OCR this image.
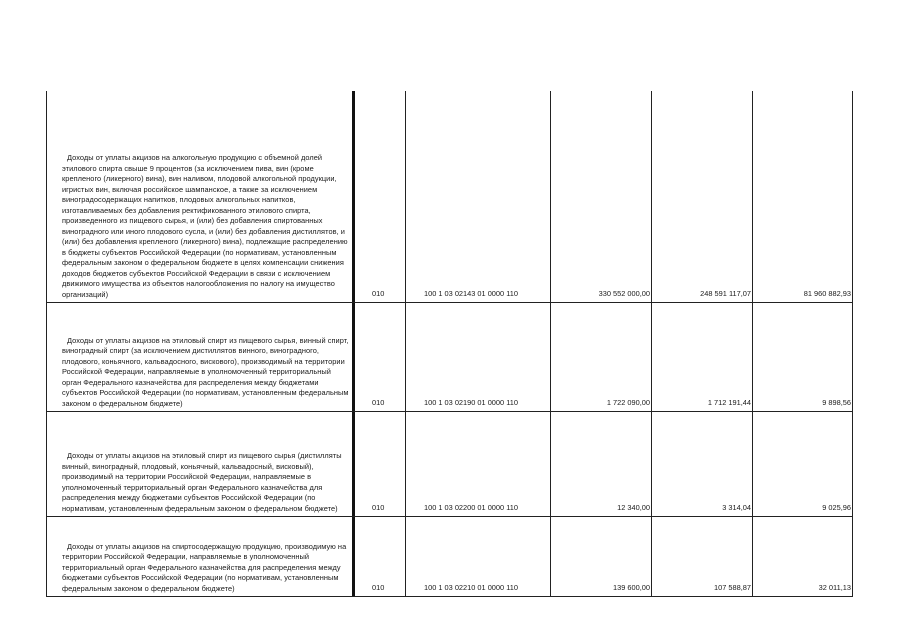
Доходы от уплаты акцизов на алкогольную продукцию с объемной долей этилового спирта свыше 9 процентов (за исключением пива, вин (кроме крепленого (ликерного) вина), вин наливом, плодовой алкогольной продукции, игристых вин, включая российское шампанское, а также за исключением виноградосодержащих напитков, плодовых алкогольных напитков, изготавливаемых без добавления ректификованного этилового спирта, произведенного из пищевого сырья, и (или) без добавления спиртованных виноградного или иного плодового сусла, и (или) без добавления дистиллятов, и (или) без добавления крепленого (ликерного) вина), подлежащие распределению в бюджеты субъектов Российской Федерации (по нормативам, установленным федеральным законом о федеральном бюджете в целях компенсации снижения доходов бюджетов субъектов Российской Федерации в связи с исключением движимого имущества из объектов налогообложения по налогу на имущество организаций)	010	100 1 03 02143 01 0000 110	330 552 000,00	248 591 117,07	81 960 882,93
Доходы от уплаты акцизов на этиловый спирт из пищевого сырья, винный спирт, виноградный спирт (за исключением дистиллятов винного, виноградного, плодового, коньячного, кальвадосного, вискового), производимый на территории Российской Федерации, направляемые в уполномоченный территориальный орган Федерального казначейства для распределения между бюджетами субъектов Российской Федерации (по нормативам, установленным федеральным законом о федеральном бюджете)	010	100 1 03 02190 01 0000 110	1 722 090,00	1 712 191,44	9 898,56
Доходы от уплаты акцизов на этиловый спирт из пищевого сырья (дистилляты винный, виноградный, плодовый, коньячный, кальвадосный, висковый), производимый на территории Российской Федерации, направляемые в уполномоченный территориальный орган Федерального казначейства для распределения между бюджетами субъектов Российской Федерации (по нормативам, установленным федеральным законом о федеральном бюджете)	010	100 1 03 02200 01 0000 110	12 340,00	3 314,04	9 025,96
Доходы от уплаты акцизов на спиртосодержащую продукцию, производимую на территории Российской Федерации, направляемые в уполномоченный территориальный орган Федерального казначейства для распределения между бюджетами субъектов Российской Федерации (по нормативам, установленным федеральным законом о федеральном бюджете)	010	100 1 03 02210 01 0000 110	139 600,00	107 588,87	32 011,13
